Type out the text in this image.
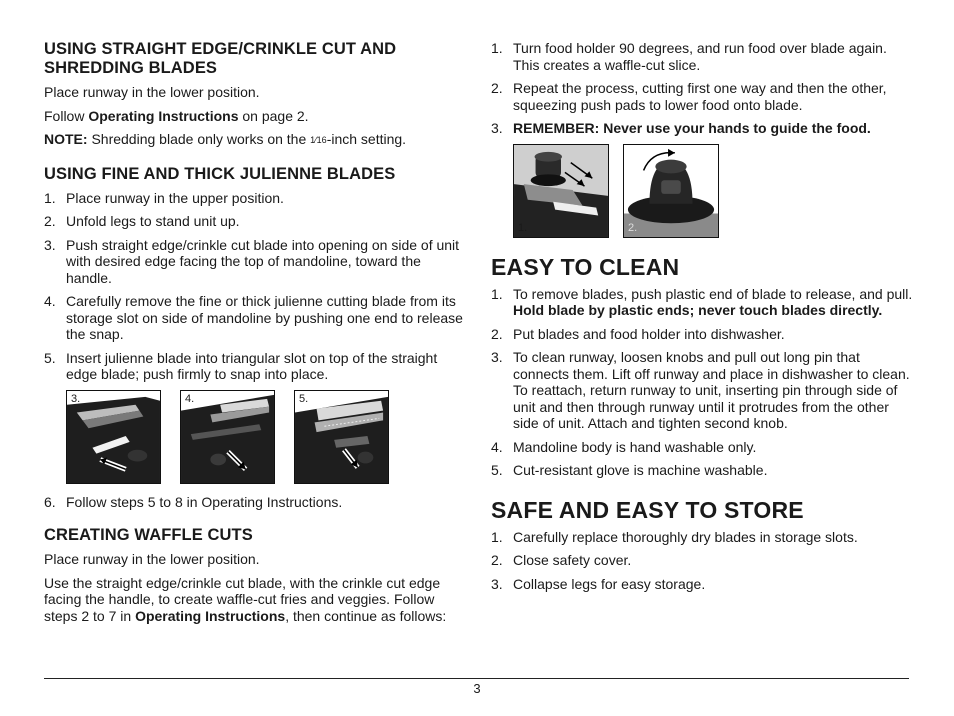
USING STRAIGHT EDGE/CRINKLE CUT AND SHREDDING BLADES

Place runway in the lower position.

Follow Operating Instructions on page 2.

NOTE: Shredding blade only works on the 1⁄16-inch setting.

USING FINE AND THICK JULIENNE BLADES
1. Place runway in the upper position.
2. Unfold legs to stand unit up.
3. Push straight edge/crinkle cut blade into opening on side of unit with desired edge facing the top of mandoline, toward the handle.
4. Carefully remove the fine or thick julienne cutting blade from its storage slot on side of mandoline by pushing one end to release the snap.
5. Insert julienne blade into triangular slot on top of the straight edge blade; push firmly to snap into place.
3.	4.	5.
6. Follow steps 5 to 8 in Operating Instructions.
CREATING WAFFLE CUTS

Place runway in the lower position.

Use the straight edge/crinkle cut blade, with the crinkle cut edge facing the handle, to create waffle-cut fries and veggies. Follow steps 2 to 7 in Operating Instructions, then continue as follows:

1. Turn food holder 90 degrees, and run food over blade again. This creates a waffle-cut slice.
2. Repeat the process, cutting first one way and then the other, squeezing push pads to lower food onto blade.
3. REMEMBER: Never use your hands to guide the food.
1.	2.
EASY TO CLEAN
1. To remove blades, push plastic end of blade to release, and pull. Hold blade by plastic ends; never touch blades directly.
2. Put blades and food holder into dishwasher.
3. To clean runway, loosen knobs and pull out long pin that connects them. Lift off runway and place in dishwasher to clean. To reattach, return runway to unit, inserting pin through side of unit and then through runway until it protrudes from the other side of unit. Attach and tighten second knob.
4. Mandoline body is hand washable only.
5. Cut-resistant glove is machine washable.
SAFE AND EASY TO STORE
1. Carefully replace thoroughly dry blades in storage slots.
2. Close safety cover.
3. Collapse legs for easy storage.
3
